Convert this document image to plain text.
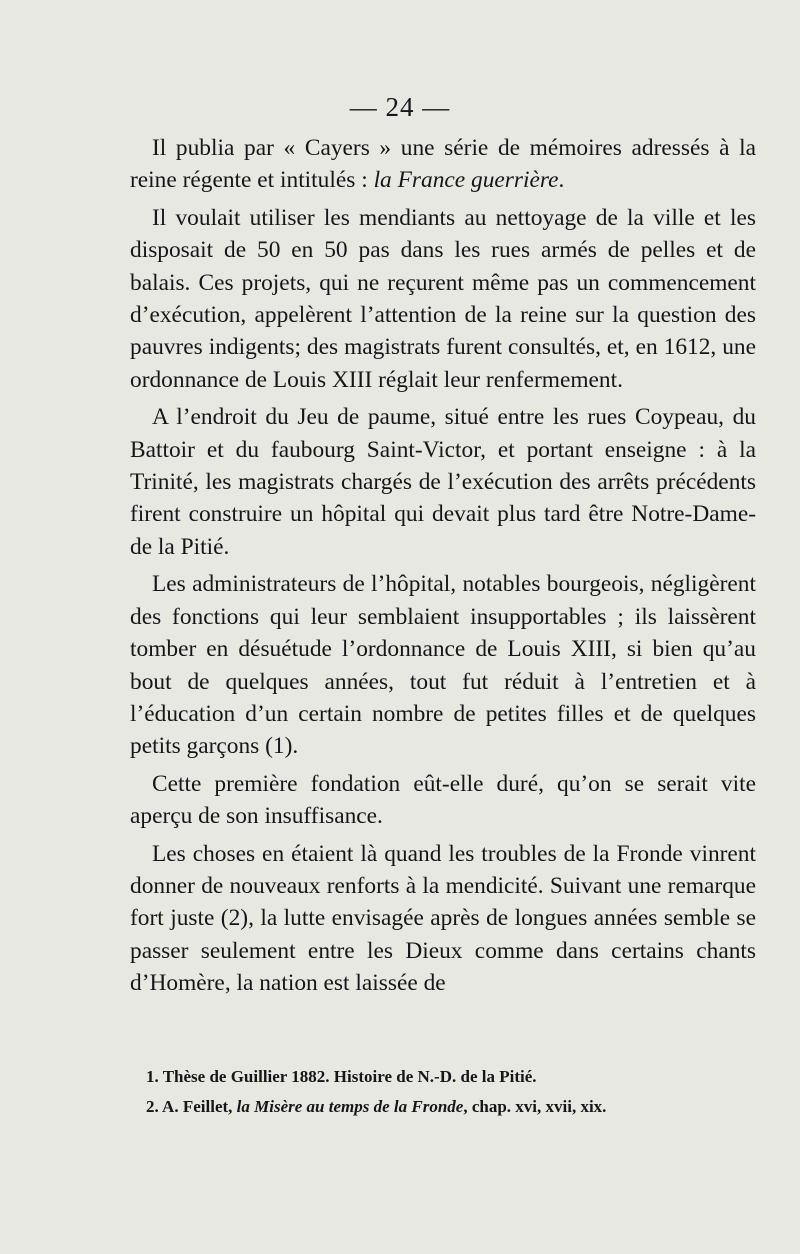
— 24 —

Il publia par « Cayers » une série de mémoires adressés à la reine régente et intitulés : la France guerrière.

Il voulait utiliser les mendiants au nettoyage de la ville et les disposait de 50 en 50 pas dans les rues armés de pelles et de balais. Ces projets, qui ne reçurent même pas un commencement d’exécution, appelèrent l’attention de la reine sur la question des pauvres indigents; des magistrats furent consultés, et, en 1612, une ordonnance de Louis XIII réglait leur renfermement.

A l’endroit du Jeu de paume, situé entre les rues Coypeau, du Battoir et du faubourg Saint-Victor, et portant enseigne : à la Trinité, les magistrats chargés de l’exécution des arrêts précédents firent construire un hôpital qui devait plus tard être Notre-Dame-de la Pitié.

Les administrateurs de l’hôpital, notables bourgeois, négligèrent des fonctions qui leur semblaient insupportables ; ils laissèrent tomber en désuétude l’ordonnance de Louis XIII, si bien qu’au bout de quelques années, tout fut réduit à l’entretien et à l’éducation d’un certain nombre de petites filles et de quelques petits garçons (1).

Cette première fondation eût-elle duré, qu’on se serait vite aperçu de son insuffisance.

Les choses en étaient là quand les troubles de la Fronde vinrent donner de nouveaux renforts à la mendicité. Suivant une remarque fort juste (2), la lutte envisagée après de longues années semble se passer seulement entre les Dieux comme dans certains chants d’Homère, la nation est laissée de

1. Thèse de Guillier 1882. Histoire de N.-D. de la Pitié.
2. A. Feillet, la Misère au temps de la Fronde, chap. xvi, xvii, xix.
